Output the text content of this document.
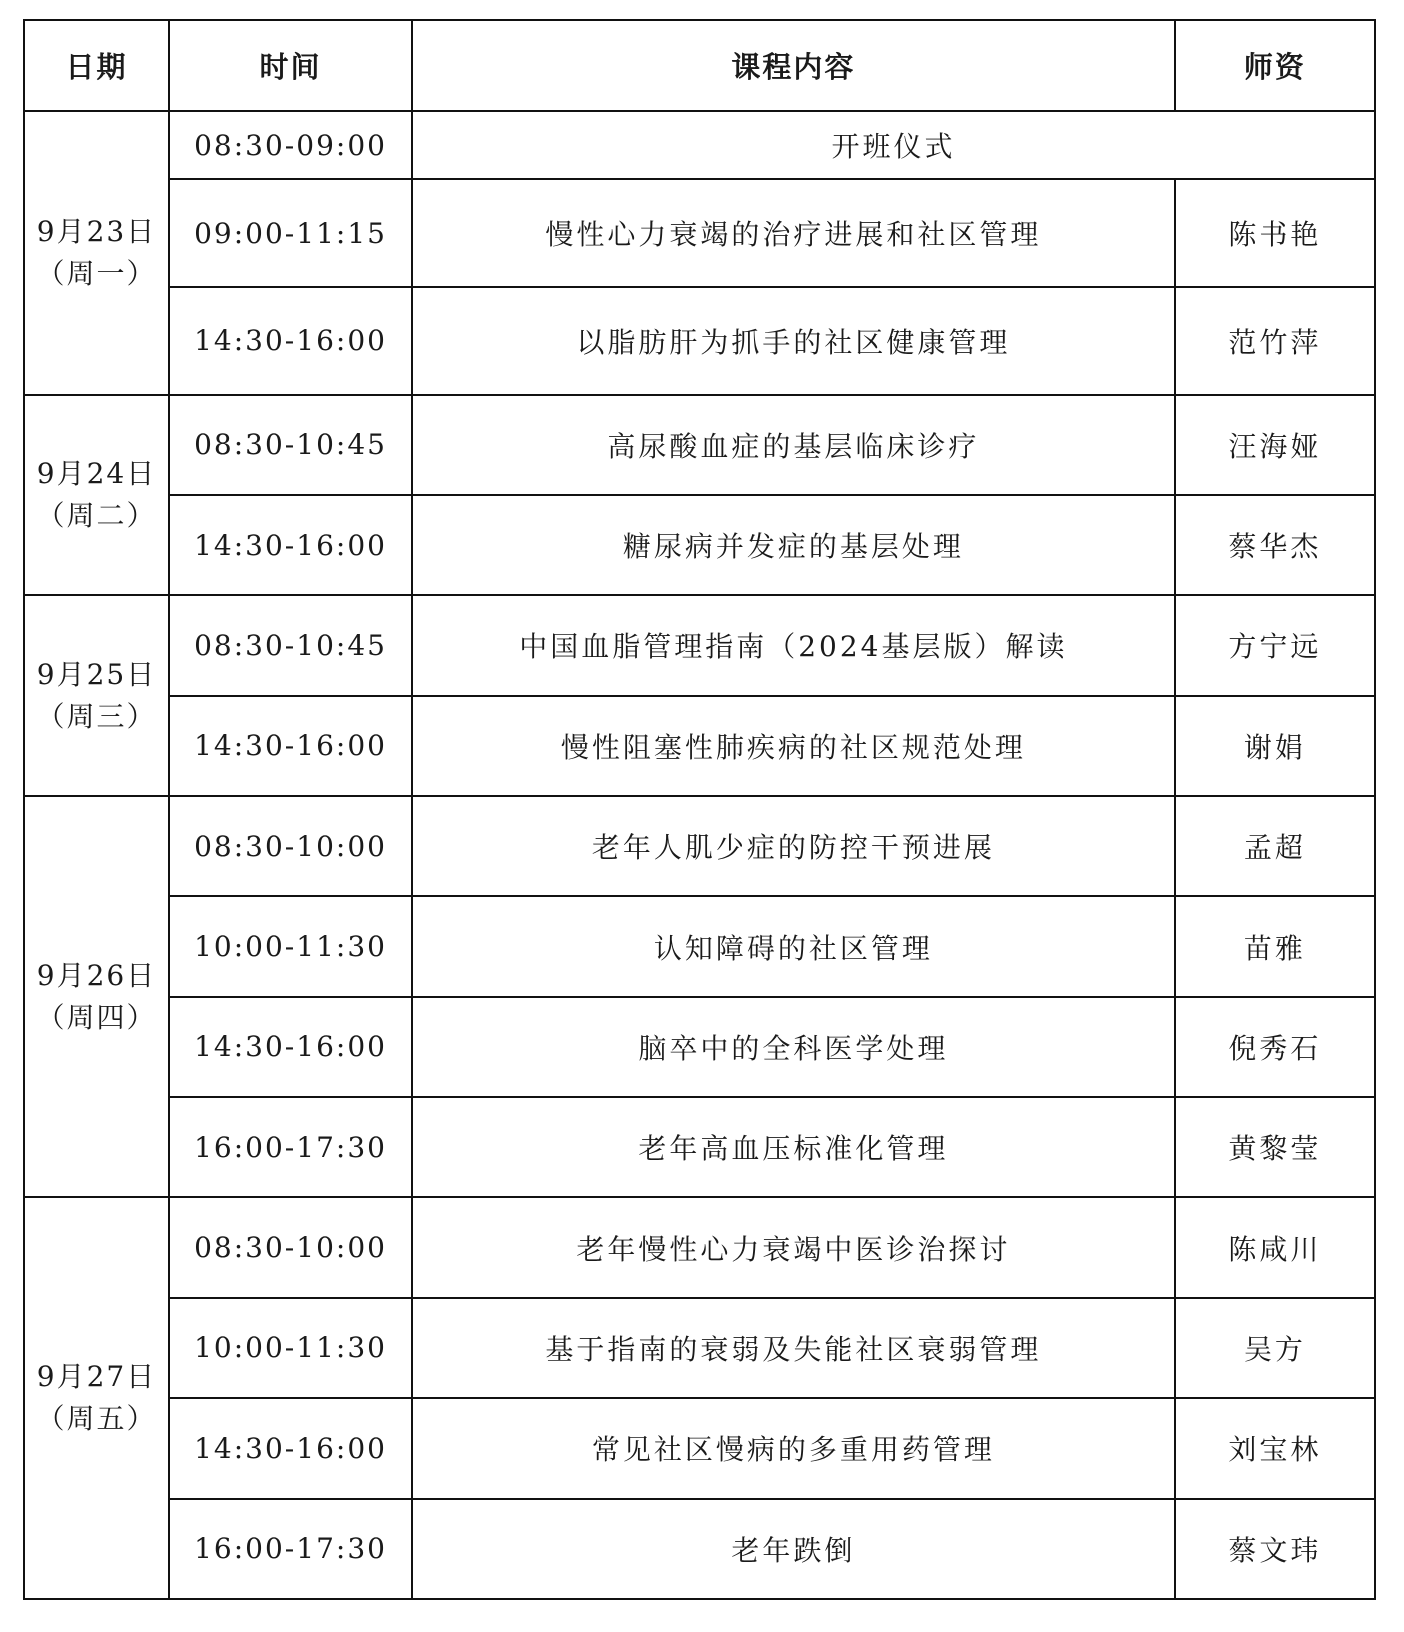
日期	时间	课程内容	师资

9月23日
（周一）	08:30-09:00	开班仪式	
	09:00-11:15	慢性心力衰竭的治疗进展和社区管理	陈书艳
	14:30-16:00	以脂肪肝为抓手的社区健康管理	范竹萍

9月24日
（周二）	08:30-10:45	高尿酸血症的基层临床诊疗	汪海娅
	14:30-16:00	糖尿病并发症的基层处理	蔡华杰

9月25日
（周三）	08:30-10:45	中国血脂管理指南（2024基层版）解读	方宁远
	14:30-16:00	慢性阻塞性肺疾病的社区规范处理	谢娟

9月26日
（周四）	08:30-10:00	老年人肌少症的防控干预进展	孟超
	10:00-11:30	认知障碍的社区管理	苗雅
	14:30-16:00	脑卒中的全科医学处理	倪秀石
	16:00-17:30	老年高血压标准化管理	黄黎莹

9月27日
（周五）	08:30-10:00	老年慢性心力衰竭中医诊治探讨	陈咸川
	10:00-11:30	基于指南的衰弱及失能社区衰弱管理	吴方
	14:30-16:00	常见社区慢病的多重用药管理	刘宝林
	16:00-17:30	老年跌倒	蔡文玮
